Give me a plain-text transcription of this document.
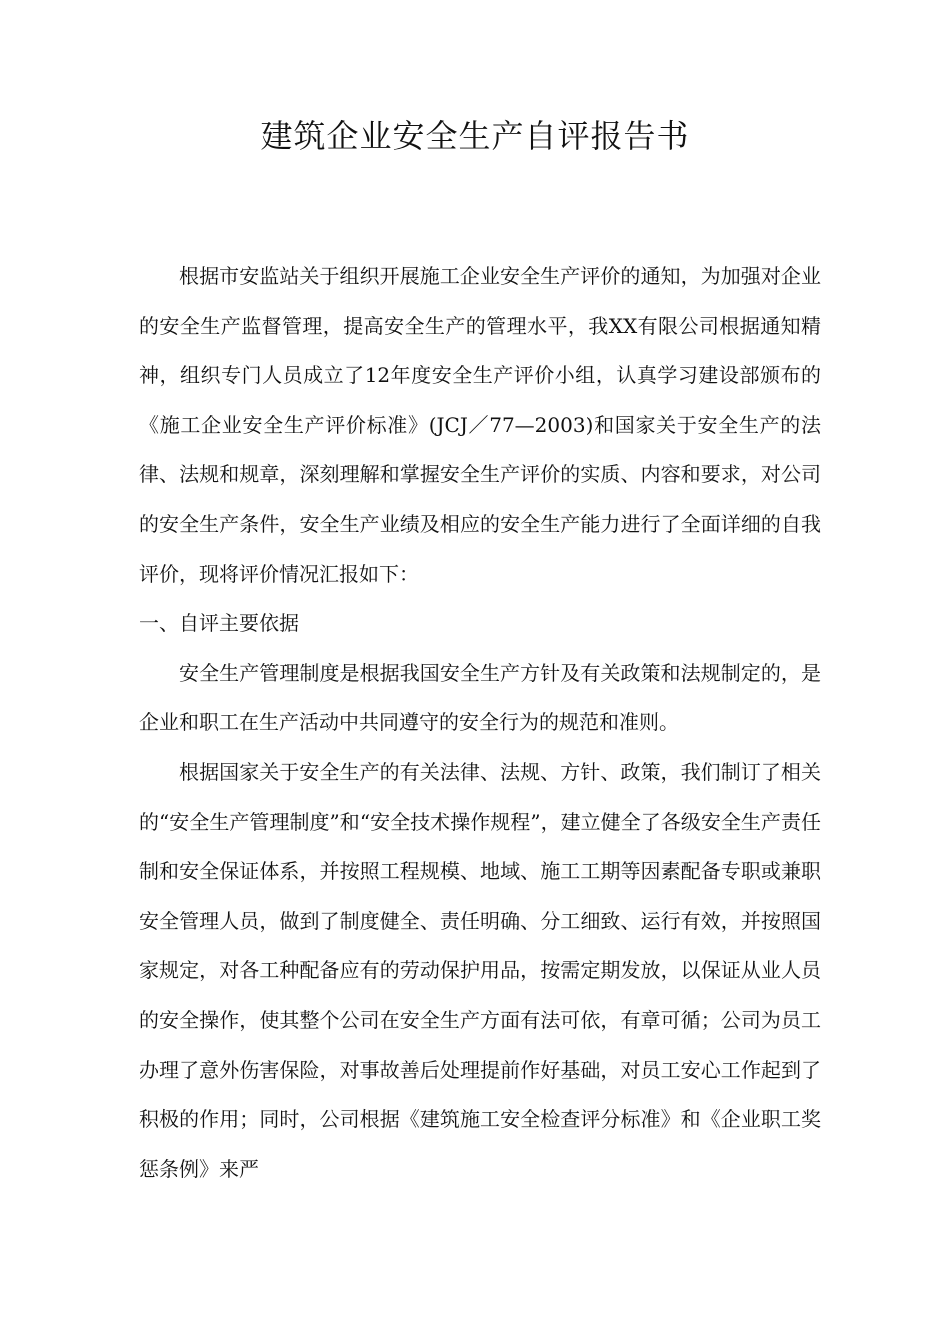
建筑企业安全生产自评报告书

根据市安监站关于组织开展施工企业安全生产评价的通知，为加强对企业的安全生产监督管理，提高安全生产的管理水平，我XX有限公司根据通知精神，组织专门人员成立了12年度安全生产评价小组，认真学习建设部颁布的《施工企业安全生产评价标准》(JCJ／77—2003)和国家关于安全生产的法律、法规和规章，深刻理解和掌握安全生产评价的实质、内容和要求，对公司的安全生产条件，安全生产业绩及相应的安全生产能力进行了全面详细的自我评价，现将评价情况汇报如下：

一、自评主要依据

安全生产管理制度是根据我国安全生产方针及有关政策和法规制定的，是企业和职工在生产活动中共同遵守的安全行为的规范和准则。

根据国家关于安全生产的有关法律、法规、方针、政策，我们制订了相关的“安全生产管理制度”和“安全技术操作规程”，建立健全了各级安全生产责任制和安全保证体系，并按照工程规模、地域、施工工期等因素配备专职或兼职安全管理人员，做到了制度健全、责任明确、分工细致、运行有效，并按照国家规定，对各工种配备应有的劳动保护用品，按需定期发放，以保证从业人员的安全操作，使其整个公司在安全生产方面有法可依，有章可循；公司为员工办理了意外伤害保险，对事故善后处理提前作好基础，对员工安心工作起到了积极的作用；同时，公司根据《建筑施工安全检查评分标准》和《企业职工奖惩条例》来严
